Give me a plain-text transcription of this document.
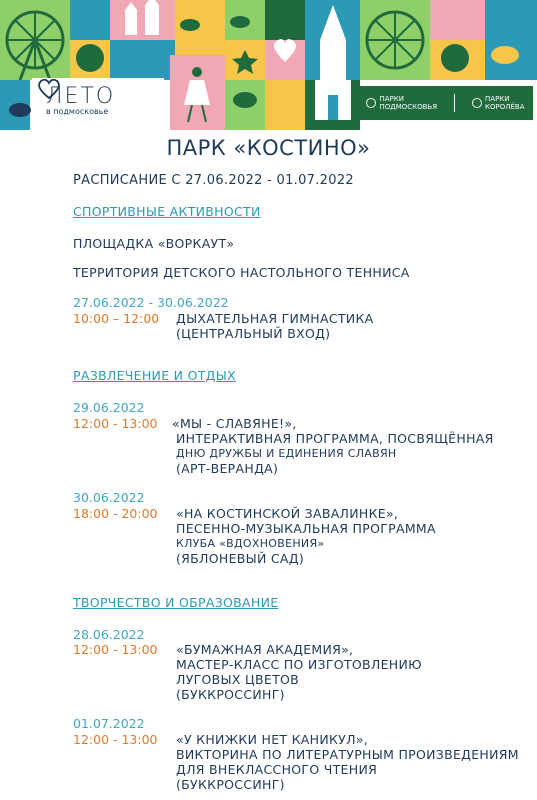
ЛЕТО
в подмосковье
ПАРКИ
ПОДМОСКОВЬЯ
ПАРКИ
КОРОЛЁВА
ПАРК «КОСТИНО»
РАСПИСАНИЕ С 27.06.2022 - 01.07.2022
СПОРТИВНЫЕ АКТИВНОСТИ
ПЛОЩАДКА «ВОРКАУТ»
ТЕРРИТОРИЯ ДЕТСКОГО НАСТОЛЬНОГО ТЕННИСА
27.06.2022 - 30.06.2022
10:00 – 12:00 ДЫХАТЕЛЬНАЯ ГИМНАСТИКА
(ЦЕНТРАЛЬНЫЙ ВХОД)
РАЗВЛЕЧЕНИЕ И ОТДЫХ
29.06.2022
12:00 - 13:00 «МЫ - СЛАВЯНЕ!»,
ИНТЕРАКТИВНАЯ ПРОГРАММА, ПОСВЯЩЁННАЯ
ДНЮ ДРУЖБЫ И ЕДИНЕНИЯ СЛАВЯН
(АРТ-ВЕРАНДА)
30.06.2022
18:00 - 20:00 «НА КОСТИНСКОЙ ЗАВАЛИНКЕ»,
ПЕСЕННО-МУЗЫКАЛЬНАЯ ПРОГРАММА
КЛУБА «ВДОХНОВЕНИЯ»
(ЯБЛОНЕВЫЙ САД)
ТВОРЧЕСТВО И ОБРАЗОВАНИЕ
28.06.2022
12:00 - 13:00 «БУМАЖНАЯ АКАДЕМИЯ»,
МАСТЕР-КЛАСС ПО ИЗГОТОВЛЕНИЮ
ЛУГОВЫХ ЦВЕТОВ
(БУККРОССИНГ)
01.07.2022
12:00 - 13:00 «У КНИЖКИ НЕТ КАНИКУЛ»,
ВИКТОРИНА ПО ЛИТЕРАТУРНЫМ ПРОИЗВЕДЕНИЯМ
ДЛЯ ВНЕКЛАССНОГО ЧТЕНИЯ
(БУККРОССИНГ)
